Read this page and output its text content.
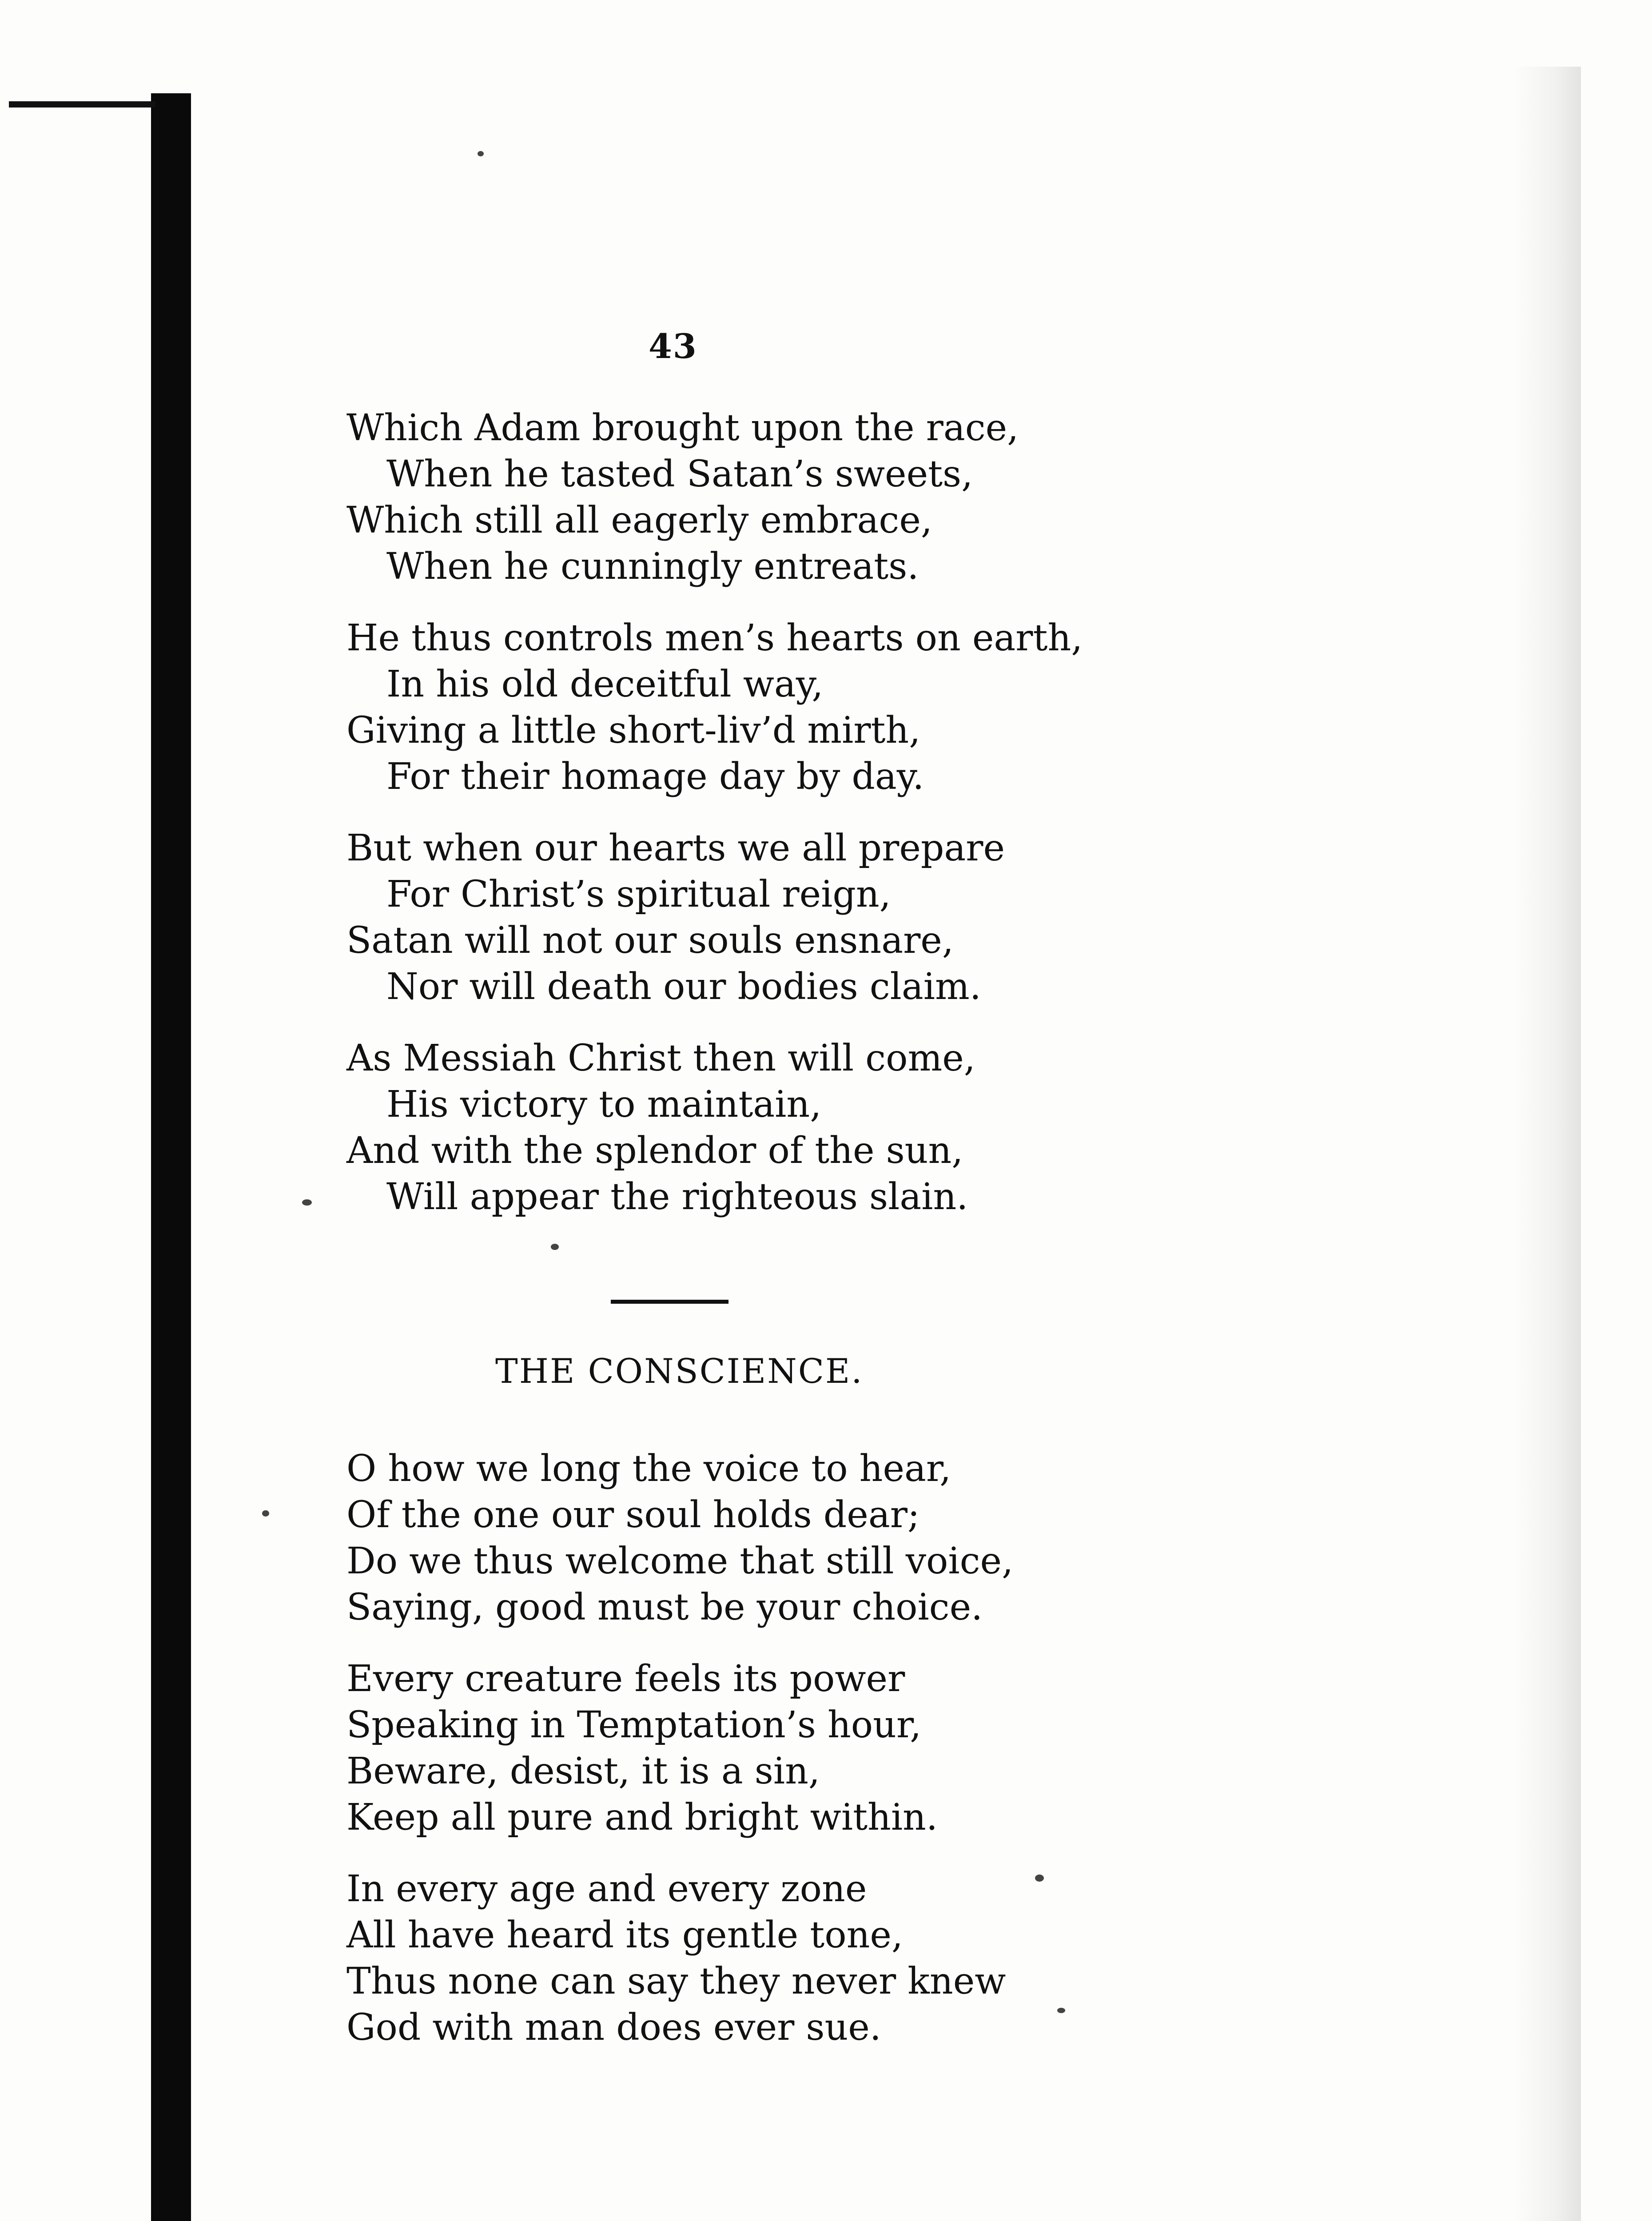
43
Which Adam brought upon the race,
When he tasted Satan’s sweets,
Which still all eagerly embrace,
When he cunningly entreats.
He thus controls men’s hearts on earth,
In his old deceitful way,
Giving a little short-liv’d mirth,
For their homage day by day.
But when our hearts we all prepare
For Christ’s spiritual reign,
Satan will not our souls ensnare,
Nor will death our bodies claim.
As Messiah Christ then will come,
His victory to maintain,
And with the splendor of the sun,
Will appear the righteous slain.
THE CONSCIENCE.
O how we long the voice to hear,
Of the one our soul holds dear;
Do we thus welcome that still voice,
Saying, good must be your choice.
Every creature feels its power
Speaking in Temptation’s hour,
Beware, desist, it is a sin,
Keep all pure and bright within.
In every age and every zone
All have heard its gentle tone,
Thus none can say they never knew
God with man does ever sue.
